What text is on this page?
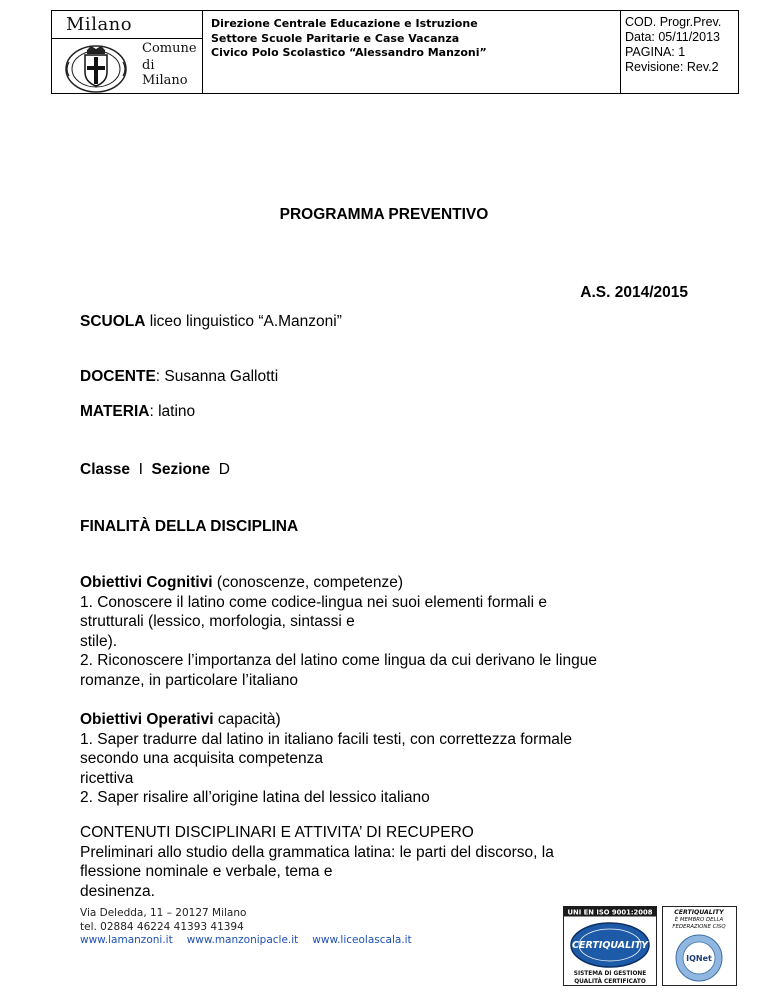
Milano
Comune
di Milano

Direzione Centrale Educazione e Istruzione
Settore Scuole Paritarie e Case Vacanza
Civico Polo Scolastico “Alessandro Manzoni”

COD. Progr.Prev.
Data: 05/11/2013
PAGINA: 1
Revisione: Rev.2
PROGRAMMA PREVENTIVO
A.S. 2014/2015
SCUOLA liceo linguistico “A.Manzoni”
DOCENTE: Susanna Gallotti
MATERIA: latino
Classe I Sezione D
FINALITÀ DELLA DISCIPLINA
Obiettivi Cognitivi (conoscenze, competenze)
1. Conoscere il latino come codice-lingua nei suoi elementi formali e
strutturali (lessico, morfologia, sintassi e
stile).
2. Riconoscere l’importanza del latino come lingua da cui derivano le lingue
romanze, in particolare l’italiano
Obiettivi Operativi capacità)
1. Saper tradurre dal latino in italiano facili testi, con correttezza formale
secondo una acquisita competenza
ricettiva
2. Saper risalire all’origine latina del lessico italiano
CONTENUTI DISCIPLINARI E ATTIVITA’ DI RECUPERO
Preliminari allo studio della grammatica latina: le parti del discorso, la
flessione nominale e verbale, tema e
desinenza.
Via Deledda, 11 – 20127 Milano
tel. 02884 46224 41393 41394
www.lamanzoni.it www.manzonipacle.it www.liceolascala.it
UNI EN ISO 9001:2008
CERTIQUALITY
SISTEMA DI GESTIONE
QUALITÀ CERTIFICATO
CERTIQUALITY
È MEMBRO DELLA
FEDERAZIONE CISQ
IQNet
